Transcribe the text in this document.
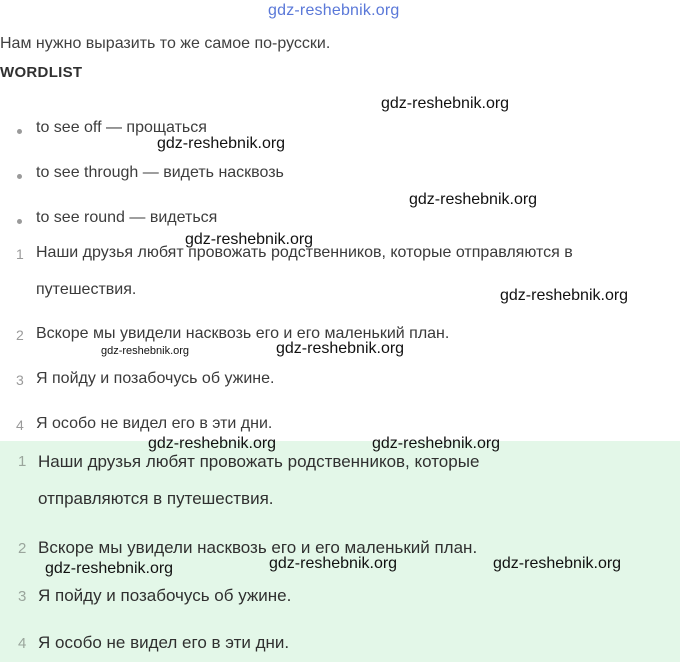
gdz-reshebnik.org
Нам нужно выразить то же самое по-русски.
WORDLIST
to see off — прощаться
to see through — видеть насквозь
to see round — видеться
1 Наши друзья любят провожать родственников, которые отправляются в
путешествия.
2 Вскоре мы увидели насквозь его и его маленький план.
3 Я пойду и позабочусь об ужине.
4 Я особо не видел его в эти дни.
1 Наши друзья любят провожать родственников, которые
отправляются в путешествия.
2 Вскоре мы увидели насквозь его и его маленький план.
3 Я пойду и позабочусь об ужине.
4 Я особо не видел его в эти дни.
gdz-reshebnik.org
gdz-reshebnik.org
gdz-reshebnik.org
gdz-reshebnik.org
gdz-reshebnik.org
gdz-reshebnik.org	gdz-reshebnik.org
gdz-reshebnik.org	gdz-reshebnik.org
gdz-reshebnik.org	gdz-reshebnik.org	gdz-reshebnik.org
